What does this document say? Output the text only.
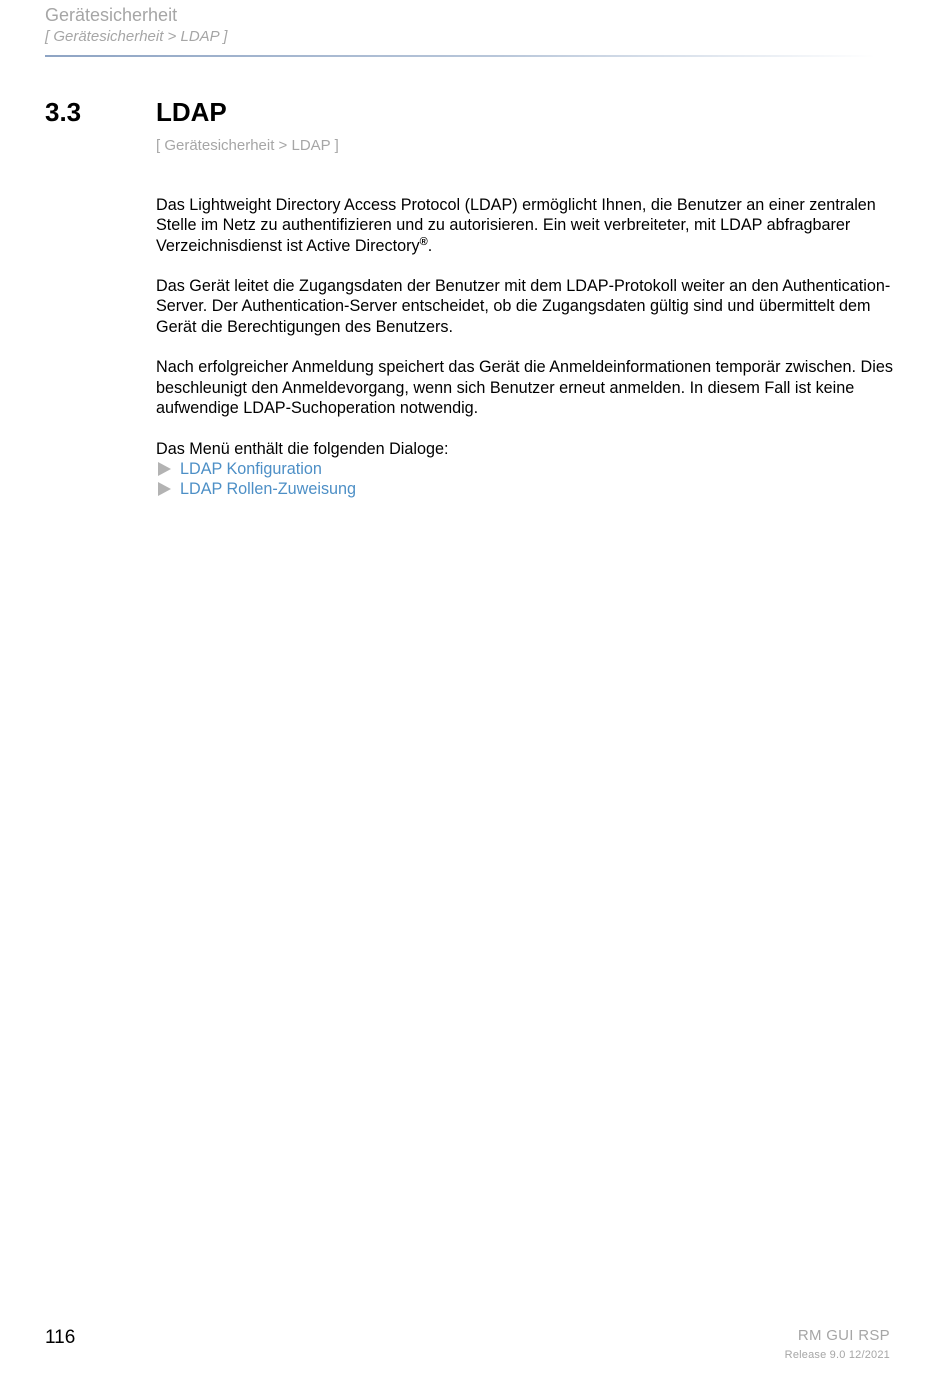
Gerätesicherheit
[ Gerätesicherheit > LDAP ]
3.3	LDAP
[ Gerätesicherheit > LDAP ]

Das Lightweight Directory Access Protocol (LDAP) ermöglicht Ihnen, die Benutzer an einer zentralen Stelle im Netz zu authentifizieren und zu autorisieren. Ein weit verbreiteter, mit LDAP abfragbarer Verzeichnisdienst ist Active Directory®.

Das Gerät leitet die Zugangsdaten der Benutzer mit dem LDAP-Protokoll weiter an den Authentication-Server. Der Authentication-Server entscheidet, ob die Zugangsdaten gültig sind und übermittelt dem Gerät die Berechtigungen des Benutzers.

Nach erfolgreicher Anmeldung speichert das Gerät die Anmeldeinformationen temporär zwischen. Dies beschleunigt den Anmeldevorgang, wenn sich Benutzer erneut anmelden. In diesem Fall ist keine aufwendige LDAP-Suchoperation notwendig.

Das Menü enthält die folgenden Dialoge:

LDAP Konfiguration
LDAP Rollen-Zuweisung
116	RM GUI RSP
Release 9.0 12/2021
